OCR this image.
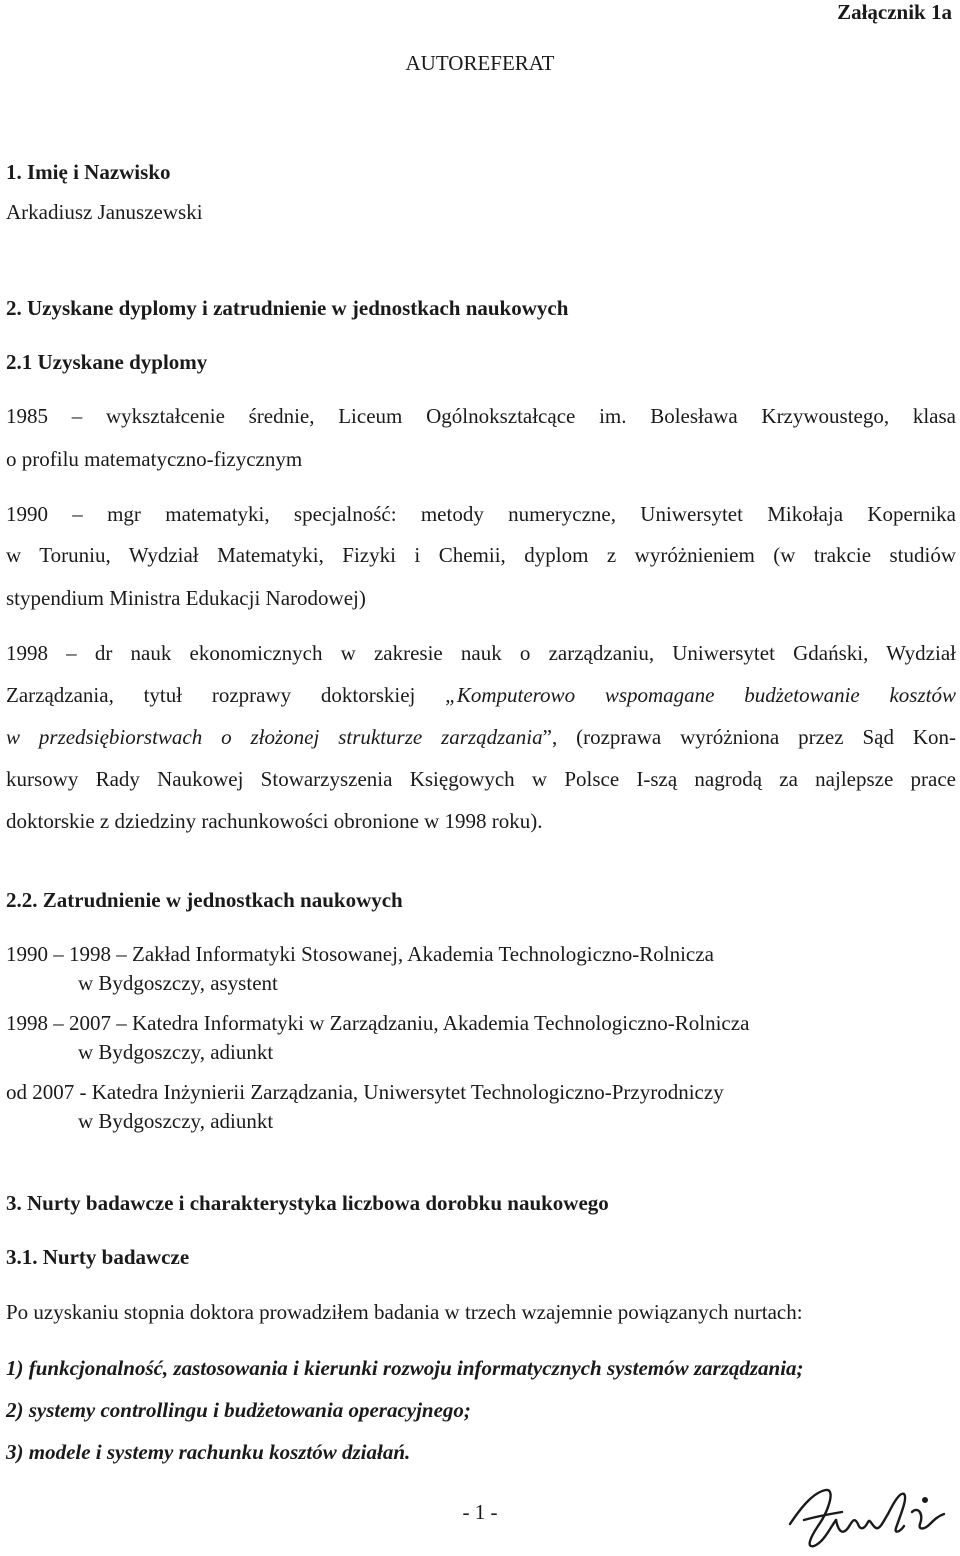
Załącznik 1a
AUTOREFERAT
1. Imię i Nazwisko
Arkadiusz Januszewski
2. Uzyskane dyplomy i zatrudnienie w jednostkach naukowych
2.1 Uzyskane dyplomy
1985 – wykształcenie średnie, Liceum Ogólnokształcące im. Bolesława Krzywoustego, klasa
o profilu matematyczno-fizycznym
1990 – mgr matematyki, specjalność: metody numeryczne, Uniwersytet Mikołaja Kopernika
w Toruniu, Wydział Matematyki, Fizyki i Chemii, dyplom z wyróżnieniem (w trakcie studiów
stypendium Ministra Edukacji Narodowej)
1998 – dr nauk ekonomicznych w zakresie nauk o zarządzaniu, Uniwersytet Gdański, Wydział
Zarządzania, tytuł rozprawy doktorskiej „Komputerowo wspomagane budżetowanie kosztów
w przedsiębiorstwach o złożonej strukturze zarządzania”, (rozprawa wyróżniona przez Sąd Kon-
kursowy Rady Naukowej Stowarzyszenia Księgowych w Polsce I-szą nagrodą za najlepsze prace
doktorskie z dziedziny rachunkowości obronione w 1998 roku).
2.2. Zatrudnienie w jednostkach naukowych
1990 – 1998 – Zakład Informatyki Stosowanej, Akademia Technologiczno-Rolnicza
w Bydgoszczy, asystent
1998 – 2007 – Katedra Informatyki w Zarządzaniu, Akademia Technologiczno-Rolnicza
w Bydgoszczy, adiunkt
od 2007 - Katedra Inżynierii Zarządzania, Uniwersytet Technologiczno-Przyrodniczy
w Bydgoszczy, adiunkt
3. Nurty badawcze i charakterystyka liczbowa dorobku naukowego
3.1. Nurty badawcze
Po uzyskaniu stopnia doktora prowadziłem badania w trzech wzajemnie powiązanych nurtach:
1) funkcjonalność, zastosowania i kierunki rozwoju informatycznych systemów zarządzania;
2) systemy controllingu i budżetowania operacyjnego;
3) modele i systemy rachunku kosztów działań.
- 1 -
